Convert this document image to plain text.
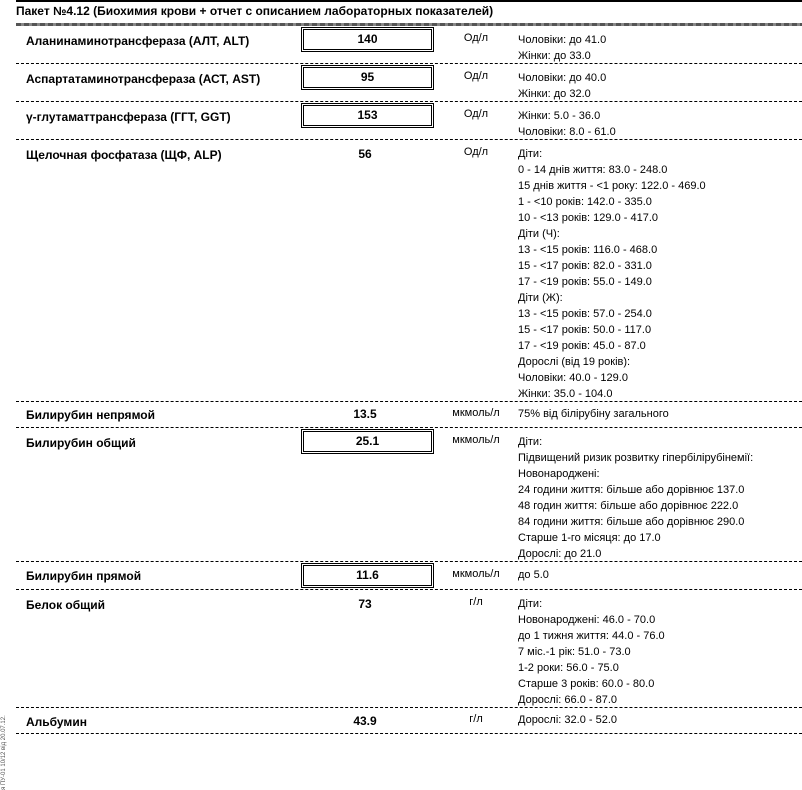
Пакет №4.12 (Биохимия крови + отчет с описанием лабораторных показателей)
Аланинаминотрансфераза (АЛТ, ALT)	140	Од/л	Чоловіки: до 41.0
Жінки: до 33.0
Аспартатаминотрансфераза (АСТ, AST)	95	Од/л	Чоловіки: до 40.0
Жінки: до 32.0
γ-глутаматтрансфераза (ГГТ, GGT)	153	Од/л	Жінки: 5.0 - 36.0
Чоловіки: 8.0 - 61.0
Щелочная фосфатаза (ЩФ, ALP)	56	Од/л	Діти:
0 - 14 днів життя: 83.0 - 248.0
15 днів життя - <1 року: 122.0 - 469.0
1 - <10 років: 142.0 - 335.0
10 - <13 років: 129.0 - 417.0
Діти (Ч):
13 - <15 років: 116.0 - 468.0
15 - <17 років: 82.0 - 331.0
17 - <19 років: 55.0 - 149.0
Діти (Ж):
13 - <15 років: 57.0 - 254.0
15 - <17 років: 50.0 - 117.0
17 - <19 років: 45.0 - 87.0
Дорослі (від 19 років):
Чоловіки: 40.0 - 129.0
Жінки: 35.0 - 104.0
Билирубин непрямой	13.5	мкмоль/л	75% від білірубіну загального
Билирубин общий	25.1	мкмоль/л	Діти:
Підвищений ризик розвитку гіпербілірубінемії:
Новонароджені:
24 години життя: більше або дорівнює 137.0
48 годин життя: більше або дорівнює 222.0
84 години життя: більше або дорівнює 290.0
Старше 1-го місяця: до 17.0
Дорослі: до 21.0
Билирубин прямой	11.6	мкмоль/л	до 5.0
Белок общий	73	г/л	Діти:
Новонароджені: 46.0 - 70.0
до 1 тижня життя: 44.0 - 76.0
7 міс.-1 рік: 51.0 - 73.0
1-2 роки: 56.0 - 75.0
Старше 3 років: 60.0 - 80.0
Дорослі: 66.0 - 87.0
Альбумин	43.9	г/л	Дорослі: 32.0 - 52.0
я ПУ-01 10/12 від 20.07.12.
